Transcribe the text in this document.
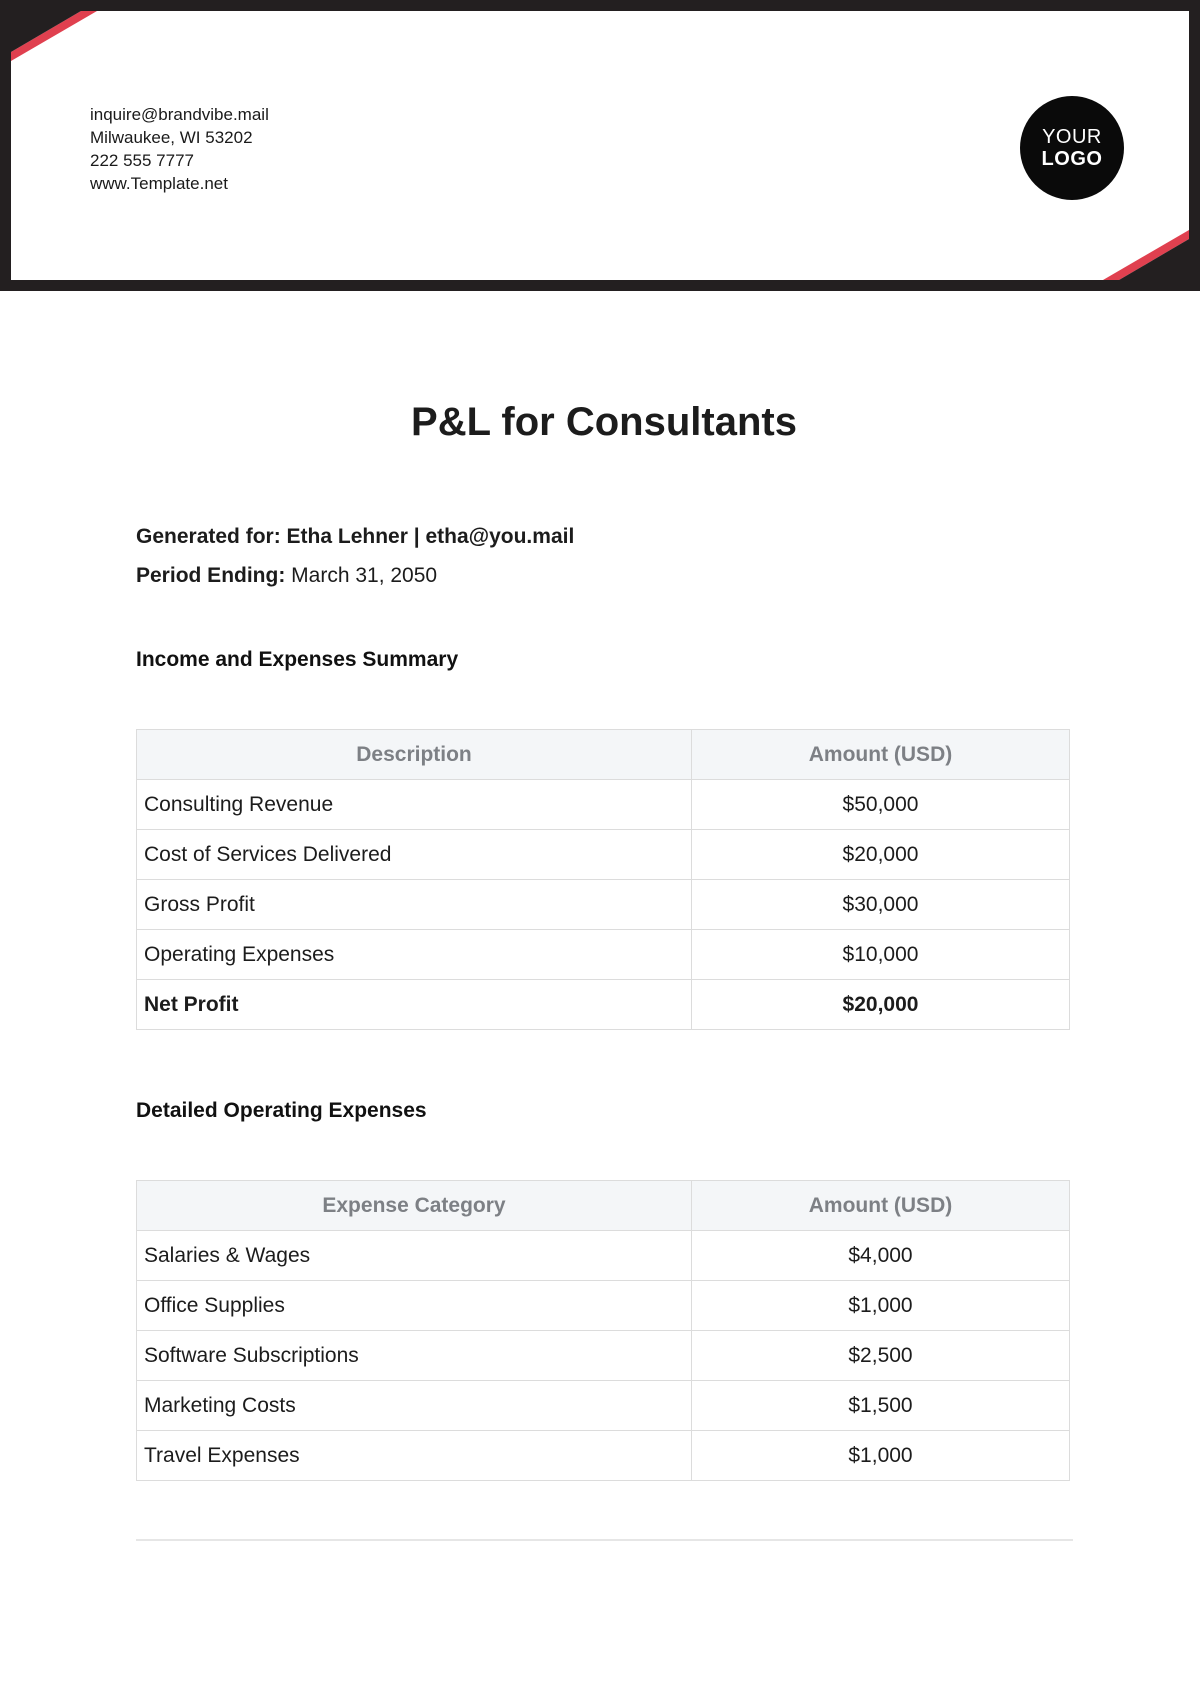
inquire@brandvibe.mail
Milwaukee, WI 53202
222 555 7777
www.Template.net
YOUR
LOGO
P&L for Consultants
Generated for: Etha Lehner | etha@you.mail
Period Ending: March 31, 2050
Income and Expenses Summary
Description	Amount (USD)
Consulting Revenue	$50,000
Cost of Services Delivered	$20,000
Gross Profit	$30,000
Operating Expenses	$10,000
Net Profit	$20,000
Detailed Operating Expenses
Expense Category	Amount (USD)
Salaries & Wages	$4,000
Office Supplies	$1,000
Software Subscriptions	$2,500
Marketing Costs	$1,500
Travel Expenses	$1,000
